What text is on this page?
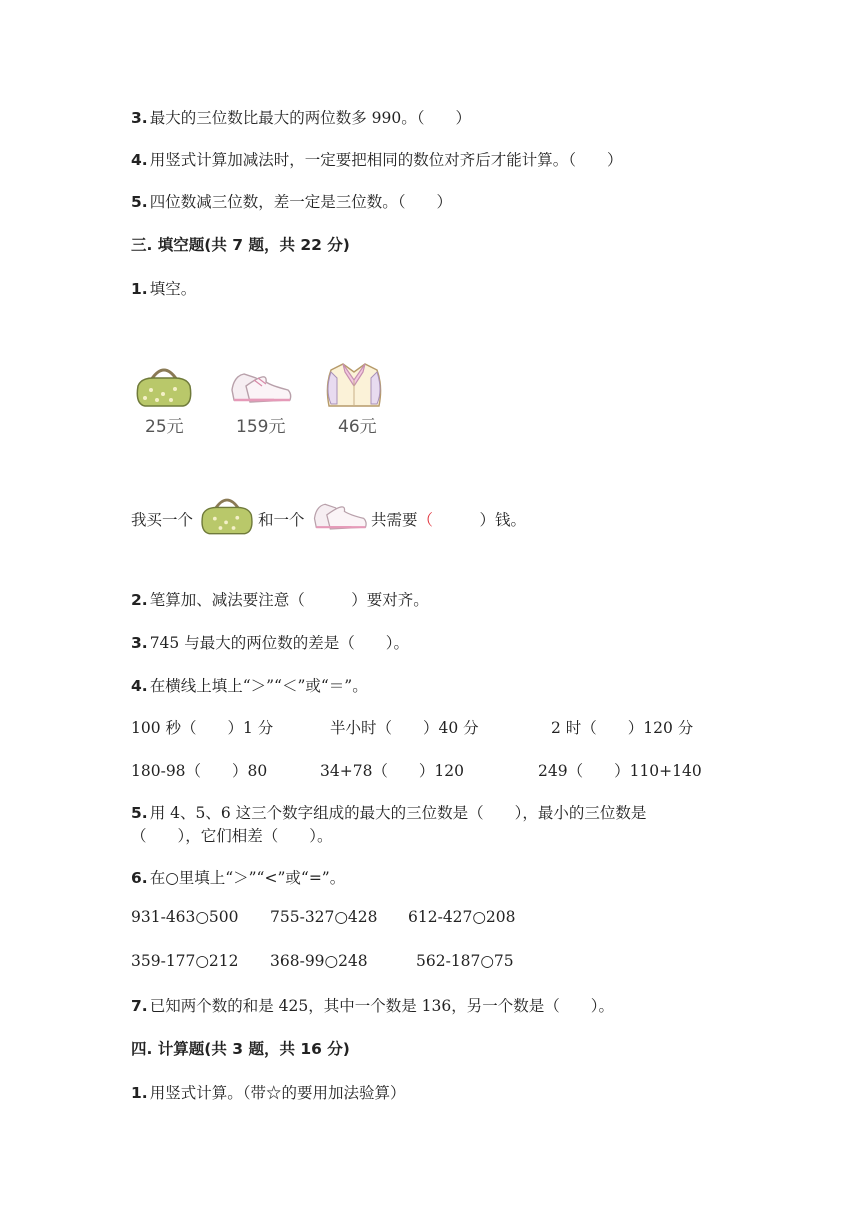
3. 最大的三位数比最大的两位数多 990。（　　）
4. 用竖式计算加减法时，一定要把相同的数位对齐后才能计算。（　　）
5. 四位数减三位数，差一定是三位数。（　　）
三. 填空题(共 7 题，共 22 分)
1. 填空。
25元	159元	46元
我买一个	和一个	共需要（　　　	）钱。
2. 笔算加、减法要注意（　　　）要对齐。
3. 745 与最大的两位数的差是（　　）。
4. 在横线上填上“＞”“＜”或“＝”。
100 秒（　　）1 分	半小时（　　）40 分	2 时（　　）120 分
180-98（　　）80	34+78（　　）120	249（　　）110+140
5. 用 4、5、6 这三个数字组成的最大的三位数是（　　），最小的三位数是
（　　），它们相差（　　）。
6. 在○里填上“＞”“<”或“=”。
931-463○500 755-327○428 612-427○208
359-177○212 368-99○248	562-187○75
7. 已知两个数的和是 425，其中一个数是 136，另一个数是（　　）。
四. 计算题(共 3 题，共 16 分)
1. 用竖式计算。（带☆的要用加法验算）
